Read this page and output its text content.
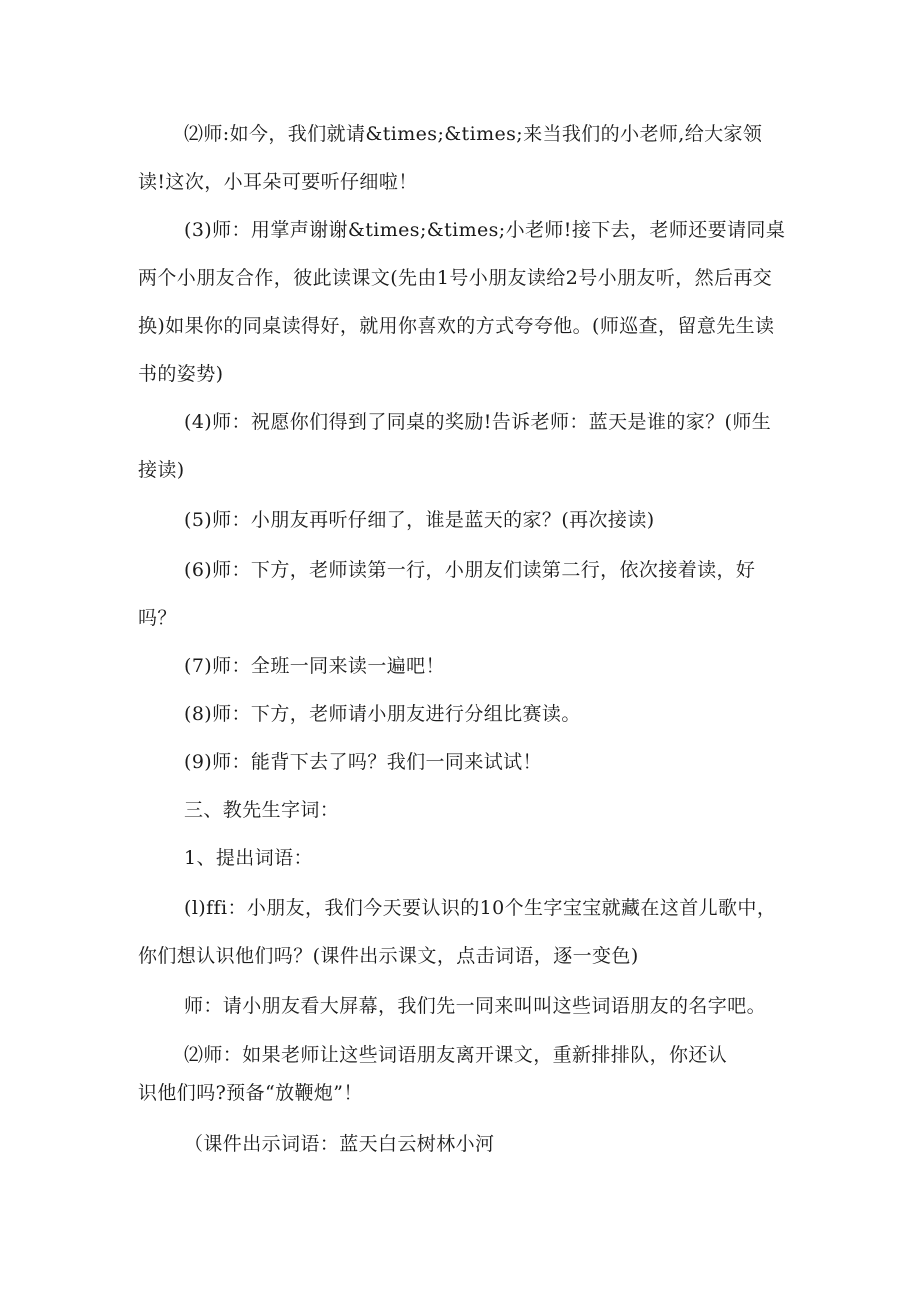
⑵师:如今，我们就请&times;&times;来当我们的小老师,给大家领读!这次，小耳朵可要听仔细啦！

(3)师：用掌声谢谢&times;&times;小老师!接下去，老师还要请同桌两个小朋友合作，彼此读课文(先由1号小朋友读给2号小朋友听，然后再交换)如果你的同桌读得好，就用你喜欢的方式夸夸他。(师巡查，留意先生读书的姿势)

(4)师：祝愿你们得到了同桌的奖励!告诉老师：蓝天是谁的家？(师生接读)

(5)师：小朋友再听仔细了，谁是蓝天的家？(再次接读)

(6)师：下方，老师读第一行，小朋友们读第二行，依次接着读，好吗？

(7)师：全班一同来读一遍吧！

(8)师：下方，老师请小朋友进行分组比赛读。

(9)师：能背下去了吗？我们一同来试试！

三、教先生字词：

1、提出词语：

(l)ffi：小朋友，我们今天要认识的10个生字宝宝就藏在这首儿歌中，你们想认识他们吗？(课件出示课文，点击词语，逐一变色)

师：请小朋友看大屏幕，我们先一同来叫叫这些词语朋友的名字吧。

⑵师：如果老师让这些词语朋友离开课文，重新排排队，你还认识他们吗?预备“放鞭炮”！

（课件出示词语：蓝天白云树林小河
